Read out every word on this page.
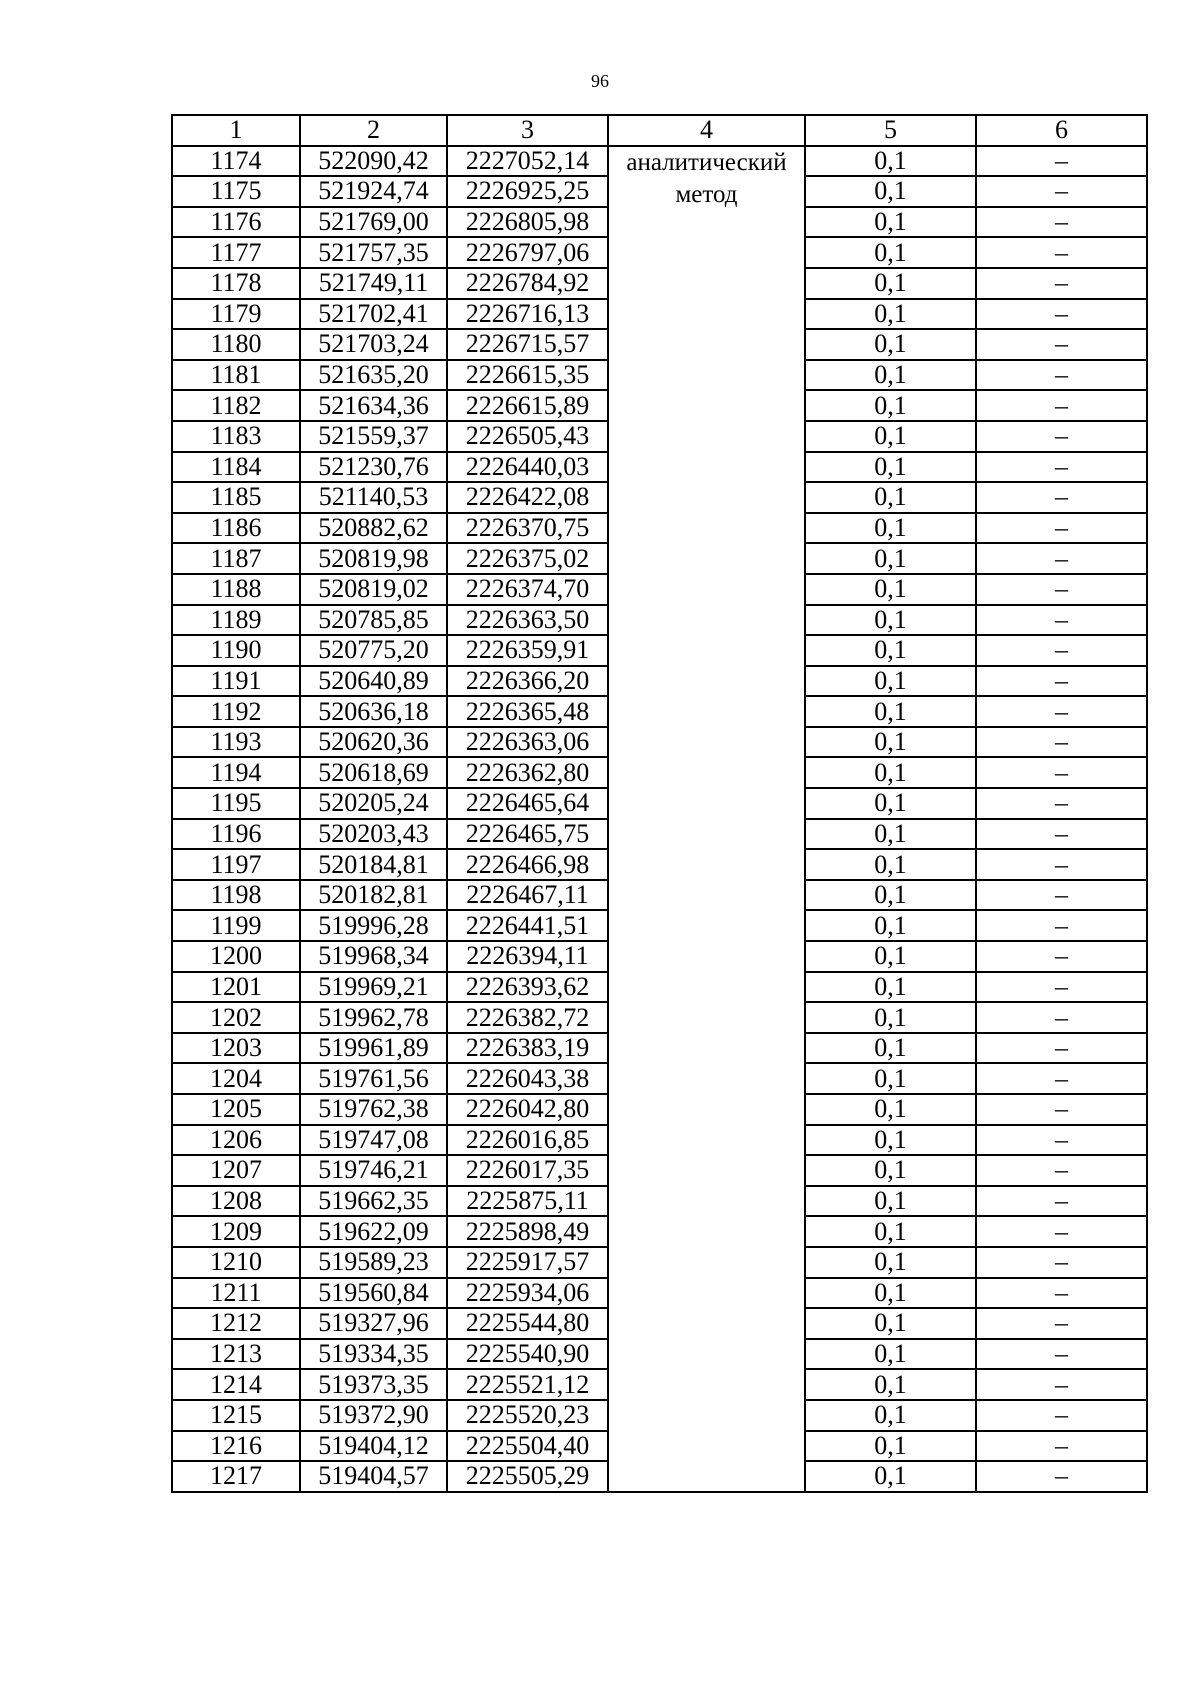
96
1	2	3	4	5	6
1174	522090,42	2227052,14	аналитический метод	0,1	–
1175	521924,74	2226925,25		0,1	–
1176	521769,00	2226805,98		0,1	–
1177	521757,35	2226797,06		0,1	–
1178	521749,11	2226784,92		0,1	–
1179	521702,41	2226716,13		0,1	–
1180	521703,24	2226715,57		0,1	–
1181	521635,20	2226615,35		0,1	–
1182	521634,36	2226615,89		0,1	–
1183	521559,37	2226505,43		0,1	–
1184	521230,76	2226440,03		0,1	–
1185	521140,53	2226422,08		0,1	–
1186	520882,62	2226370,75		0,1	–
1187	520819,98	2226375,02		0,1	–
1188	520819,02	2226374,70		0,1	–
1189	520785,85	2226363,50		0,1	–
1190	520775,20	2226359,91		0,1	–
1191	520640,89	2226366,20		0,1	–
1192	520636,18	2226365,48		0,1	–
1193	520620,36	2226363,06		0,1	–
1194	520618,69	2226362,80		0,1	–
1195	520205,24	2226465,64		0,1	–
1196	520203,43	2226465,75		0,1	–
1197	520184,81	2226466,98		0,1	–
1198	520182,81	2226467,11		0,1	–
1199	519996,28	2226441,51		0,1	–
1200	519968,34	2226394,11		0,1	–
1201	519969,21	2226393,62		0,1	–
1202	519962,78	2226382,72		0,1	–
1203	519961,89	2226383,19		0,1	–
1204	519761,56	2226043,38		0,1	–
1205	519762,38	2226042,80		0,1	–
1206	519747,08	2226016,85		0,1	–
1207	519746,21	2226017,35		0,1	–
1208	519662,35	2225875,11		0,1	–
1209	519622,09	2225898,49		0,1	–
1210	519589,23	2225917,57		0,1	–
1211	519560,84	2225934,06		0,1	–
1212	519327,96	2225544,80		0,1	–
1213	519334,35	2225540,90		0,1	–
1214	519373,35	2225521,12		0,1	–
1215	519372,90	2225520,23		0,1	–
1216	519404,12	2225504,40		0,1	–
1217	519404,57	2225505,29		0,1	–
